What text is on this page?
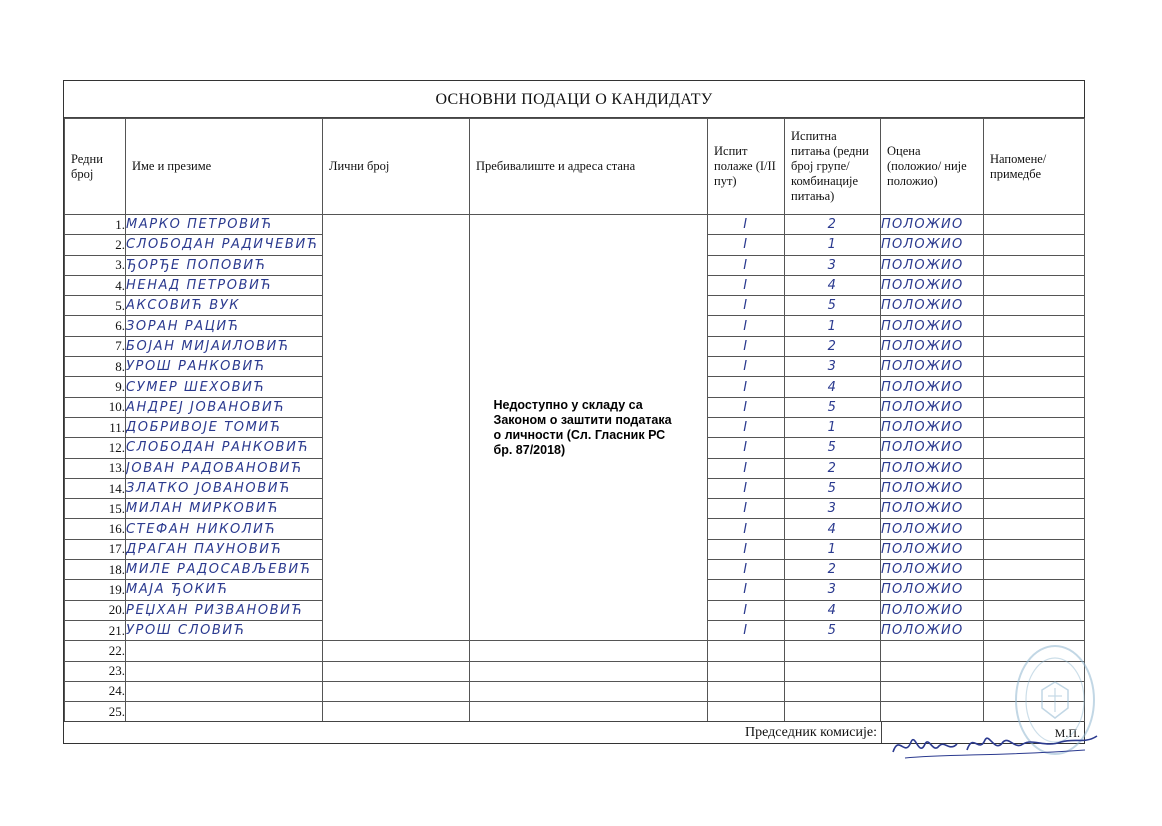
ОСНОВНИ ПОДАЦИ О КАНДИДАТУ
Редни број	Име и презиме	Лични број	Пребивалиште и адреса стана	Испит полаже (I/II пут)	Испитна питања (редни број групе/ комбинације питања)	Оцена (положио/ није положио)	Напомене/ примедбе
1.	МАРКО ПЕТРОВИЋ		Недоступно у складу са Законом о заштити података о личности (Сл. Гласник РС бр. 87/2018)	I	2	ПОЛОЖИО	
2.	СЛОБОДАН РАДИЧЕВИЋ			I	1	ПОЛОЖИО	
3.	ЂОРЂЕ ПОПОВИЋ			I	3	ПОЛОЖИО	
4.	НЕНАД ПЕТРОВИЋ			I	4	ПОЛОЖИО	
5.	АКСОВИЋ ВУК			I	5	ПОЛОЖИО	
6.	ЗОРАН РАЦИЋ			I	1	ПОЛОЖИО	
7.	БОЈАН МИЈАИЛОВИЋ			I	2	ПОЛОЖИО	
8.	УРОШ РАНКОВИЋ			I	3	ПОЛОЖИО	
9.	СУМЕР ШЕХОВИЋ			I	4	ПОЛОЖИО	
10.	АНДРЕЈ ЈОВАНОВИЋ			I	5	ПОЛОЖИО	
11.	ДОБРИВОЈЕ ТОМИЋ			I	1	ПОЛОЖИО	
12.	СЛОБОДАН РАНКОВИЋ			I	5	ПОЛОЖИО	
13.	ЈОВАН РАДОВАНОВИЋ			I	2	ПОЛОЖИО	
14.	ЗЛАТКО ЈОВАНОВИЋ			I	5	ПОЛОЖИО	
15.	МИЛАН МИРКОВИЋ			I	3	ПОЛОЖИО	
16.	СТЕФАН НИКОЛИЋ			I	4	ПОЛОЖИО	
17.	ДРАГАН ПАУНОВИЋ			I	1	ПОЛОЖИО	
18.	МИЛЕ РАДОСАВЉЕВИЋ			I	2	ПОЛОЖИО	
19.	МАЈА ЂОКИЋ			I	3	ПОЛОЖИО	
20.	РЕЏХАН РИЗВАНОВИЋ			I	4	ПОЛОЖИО	
21.	УРОШ СЛОВИЋ			I	5	ПОЛОЖИО	
22.							
23.							
24.							
25.							
Председник комисије:	М.П.
